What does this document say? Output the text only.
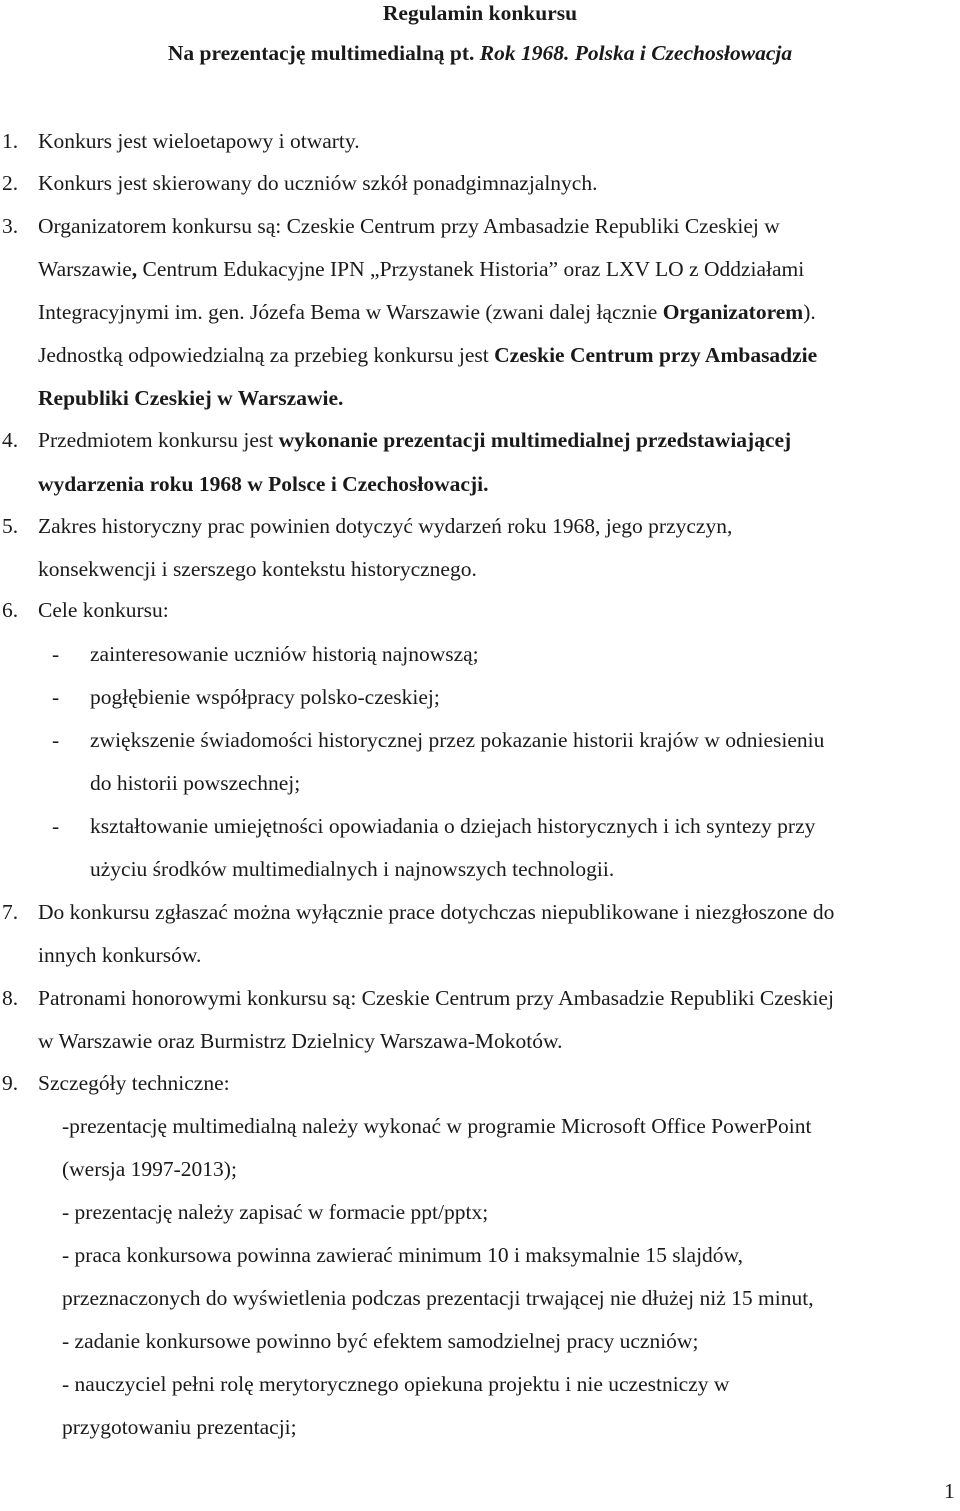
Regulamin konkursu
Na prezentację multimedialną pt. Rok 1968. Polska i Czechosłowacja
1. Konkurs jest wieloetapowy i otwarty.
2. Konkurs jest skierowany do uczniów szkół ponadgimnazjalnych.
3. Organizatorem konkursu są: Czeskie Centrum przy Ambasadzie Republiki Czeskiej w
Warszawie, Centrum Edukacyjne IPN „Przystanek Historia” oraz LXV LO z Oddziałami
Integracyjnymi im. gen. Józefa Bema w Warszawie (zwani dalej łącznie Organizatorem).
Jednostką odpowiedzialną za przebieg konkursu jest Czeskie Centrum przy Ambasadzie
Republiki Czeskiej w Warszawie.
4. Przedmiotem konkursu jest wykonanie prezentacji multimedialnej przedstawiającej
wydarzenia roku 1968 w Polsce i Czechosłowacji.
5. Zakres historyczny prac powinien dotyczyć wydarzeń roku 1968, jego przyczyn,
konsekwencji i szerszego kontekstu historycznego.
6. Cele konkursu:
- zainteresowanie uczniów historią najnowszą;
- pogłębienie współpracy polsko-czeskiej;
- zwiększenie świadomości historycznej przez pokazanie historii krajów w odniesieniu
do historii powszechnej;
- kształtowanie umiejętności opowiadania o dziejach historycznych i ich syntezy przy
użyciu środków multimedialnych i najnowszych technologii.
7. Do konkursu zgłaszać można wyłącznie prace dotychczas niepublikowane i niezgłoszone do
innych konkursów.
8. Patronami honorowymi konkursu są: Czeskie Centrum przy Ambasadzie Republiki Czeskiej
w Warszawie oraz Burmistrz Dzielnicy Warszawa-Mokotów.
9. Szczegóły techniczne:
-prezentację multimedialną należy wykonać w programie Microsoft Office PowerPoint
(wersja 1997-2013);
- prezentację należy zapisać w formacie ppt/pptx;
- praca konkursowa powinna zawierać minimum 10 i maksymalnie 15 slajdów,
przeznaczonych do wyświetlenia podczas prezentacji trwającej nie dłużej niż 15 minut,
- zadanie konkursowe powinno być efektem samodzielnej pracy uczniów;
- nauczyciel pełni rolę merytorycznego opiekuna projektu i nie uczestniczy w
przygotowaniu prezentacji;
1
